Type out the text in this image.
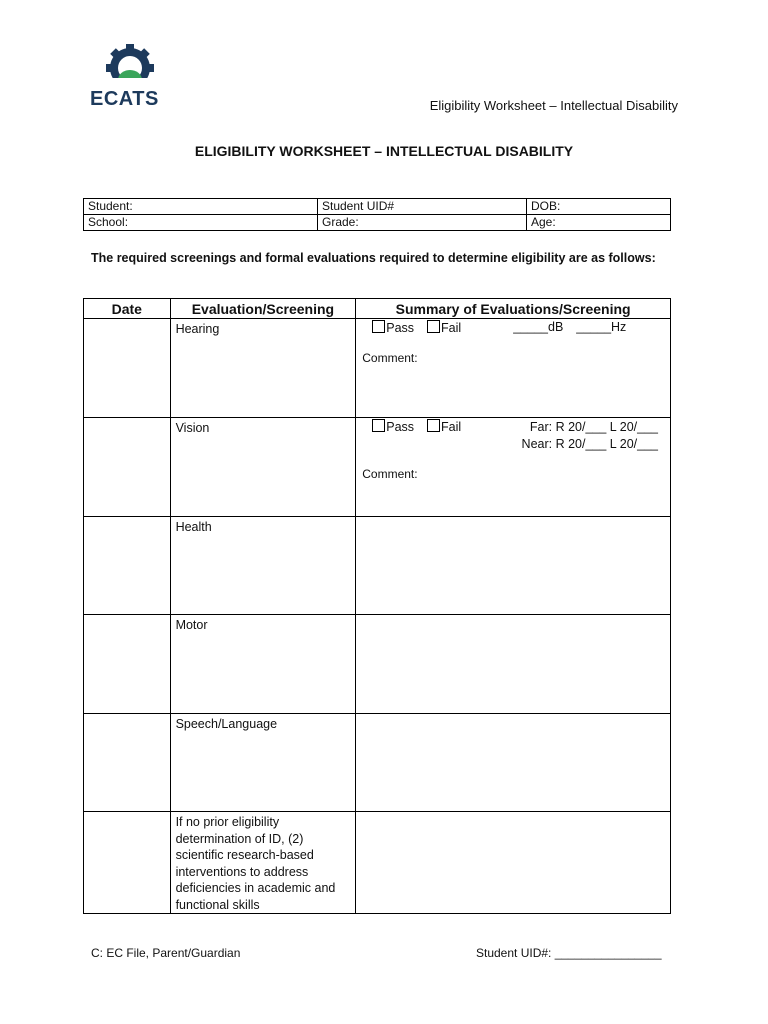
ECATS	Eligibility Worksheet – Intellectual Disability
ELIGIBILITY WORKSHEET – INTELLECTUAL DISABILITY
Student:	Student UID#	DOB:
School:	Grade:	Age:
The required screenings and formal evaluations required to determine eligibility are as follows:
Date	Evaluation/Screening	Summary of Evaluations/Screening

	Hearing	Pass Fail _____dB _____Hz
Comment:

	Vision	Pass Fail Far: R 20/___ L 20/___
Near: R 20/___ L 20/___
Comment:

	Health	

	Motor	

	Speech/Language	

	If no prior eligibility determination of ID, (2) scientific research-based interventions to address deficiencies in academic and functional skills	

C: EC File, Parent/Guardian	Student UID#: ________________
